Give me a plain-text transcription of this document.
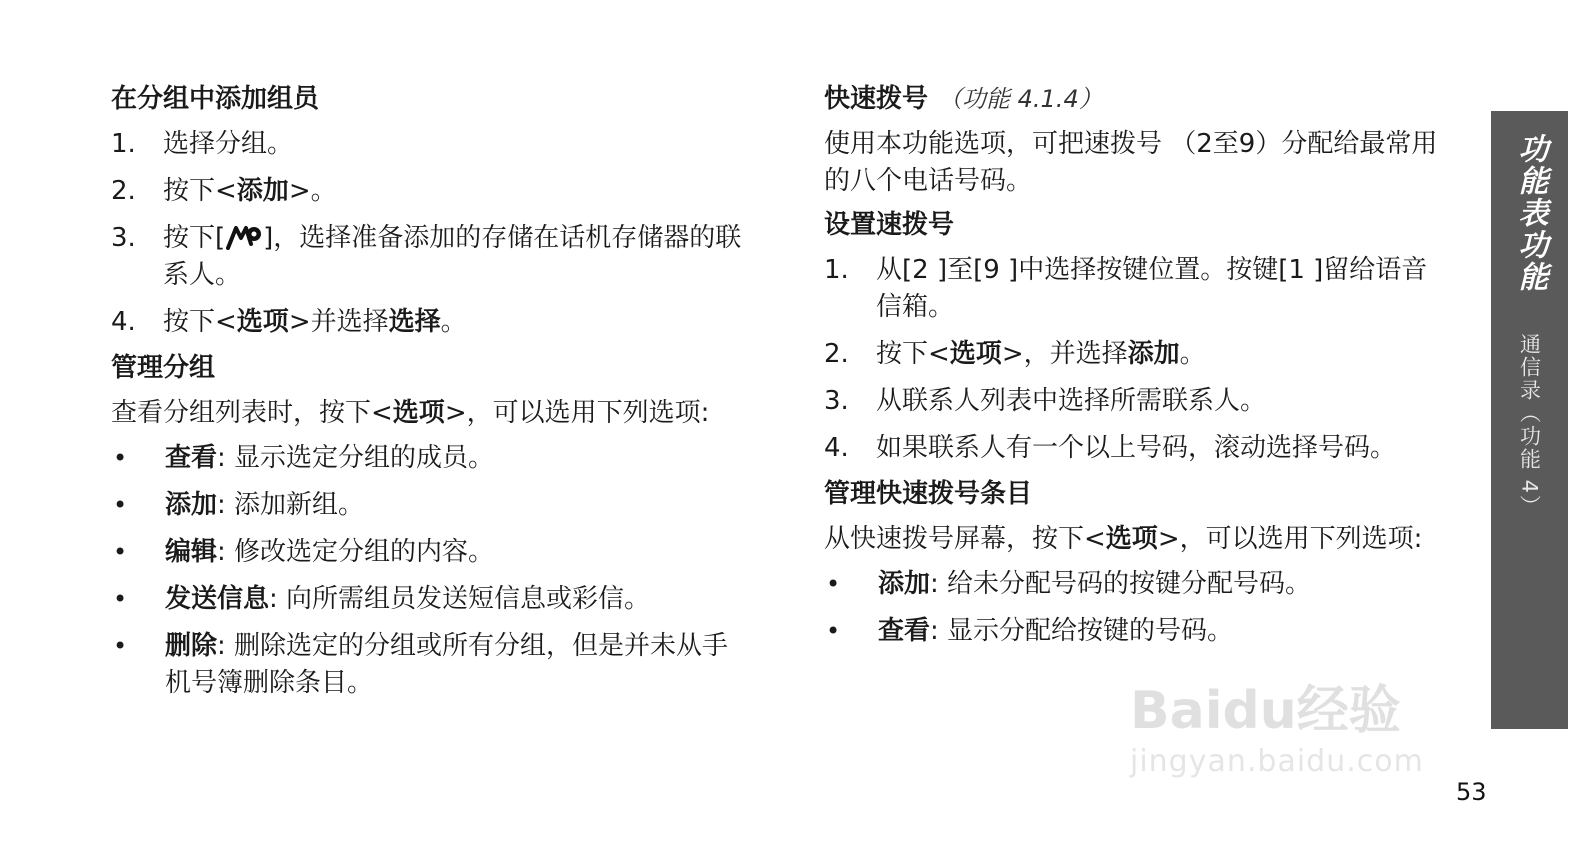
在分组中添加组员
1.	选择分组。
2.	按下<添加>。
3.	按下[ ]，选择准备添加的存储在话机存储器的联系人。
4.	按下<选项>并选择选择。
管理分组
查看分组列表时，按下<选项>，可以选用下列选项:
•	查看: 显示选定分组的成员。
•	添加: 添加新组。
•	编辑: 修改选定分组的内容。
•	发送信息: 向所需组员发送短信息或彩信。
•	删除: 删除选定的分组或所有分组，但是并未从手机号簿删除条目。
快速拨号 （功能 4.1.4）
使用本功能选项，可把速拨号 （2至9）分配给最常用的八个电话号码。
设置速拨号
1.	从[2 ]至[9 ]中选择按键位置。按键[1 ]留给语音信箱。
2.	按下<选项>，并选择添加。
3.	从联系人列表中选择所需联系人。
4.	如果联系人有一个以上号码，滚动选择号码。
管理快速拨号条目
从快速拨号屏幕，按下<选项>，可以选用下列选项:
•	添加: 给未分配号码的按键分配号码。
•	查看: 显示分配给按键的号码。
功能表功能
通信录（功能 4）
Baidu经验
jingyan.baidu.com
53
